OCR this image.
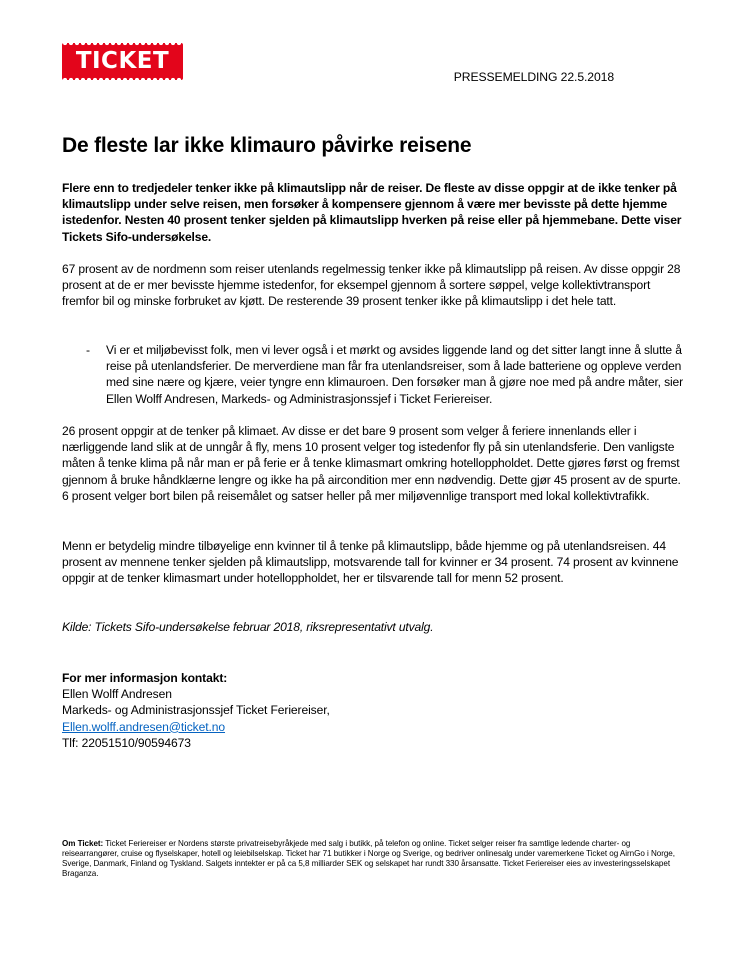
TICKET
PRESSEMELDING 22.5.2018
De fleste lar ikke klimauro påvirke reisene

Flere enn to tredjedeler tenker ikke på klimautslipp når de reiser. De fleste av disse oppgir at de ikke tenker på klimautslipp under selve reisen, men forsøker å kompensere gjennom å være mer bevisste på dette hjemme istedenfor. Nesten 40 prosent tenker sjelden på klimautslipp hverken på reise eller på hjemmebane. Dette viser Tickets Sifo-undersøkelse.

67 prosent av de nordmenn som reiser utenlands regelmessig tenker ikke på klimautslipp på reisen. Av disse oppgir 28 prosent at de er mer bevisste hjemme istedenfor, for eksempel gjennom å sortere søppel, velge kollektivtransport fremfor bil og minske forbruket av kjøtt. De resterende 39 prosent tenker ikke på klimautslipp i det hele tatt.

- Vi er et miljøbevisst folk, men vi lever også i et mørkt og avsides liggende land og det sitter langt inne å slutte å reise på utenlandsferier. De merverdiene man får fra utenlandsreiser, som å lade batteriene og oppleve verden med sine nære og kjære, veier tyngre enn klimauroen. Den forsøker man å gjøre noe med på andre måter, sier Ellen Wolff Andresen, Markeds- og Administrasjonssjef i Ticket Feriereiser.

26 prosent oppgir at de tenker på klimaet. Av disse er det bare 9 prosent som velger å feriere innenlands eller i nærliggende land slik at de unngår å fly, mens 10 prosent velger tog istedenfor fly på sin utenlandsferie. Den vanligste måten å tenke klima på når man er på ferie er å tenke klimasmart omkring hotelloppholdet. Dette gjøres først og fremst gjennom å bruke håndklærne lengre og ikke ha på aircondition mer enn nødvendig. Dette gjør 45 prosent av de spurte. 6 prosent velger bort bilen på reisemålet og satser heller på mer miljøvennlige transport med lokal kollektivtrafikk.

Menn er betydelig mindre tilbøyelige enn kvinner til å tenke på klimautslipp, både hjemme og på utenlandsreisen. 44 prosent av mennene tenker sjelden på klimautslipp, motsvarende tall for kvinner er 34 prosent. 74 prosent av kvinnene oppgir at de tenker klimasmart under hotelloppholdet, her er tilsvarende tall for menn 52 prosent.

Kilde: Tickets Sifo-undersøkelse februar 2018, riksrepresentativt utvalg.

For mer informasjon kontakt:
Ellen Wolff Andresen
Markeds- og Administrasjonssjef Ticket Feriereiser,
Ellen.wolff.andresen@ticket.no
Tlf: 22051510/90594673

Om Ticket: Ticket Feriereiser er Nordens største privatreisebyråkjede med salg i butikk, på telefon og online. Ticket selger reiser fra samtlige ledende charter- og reisearrangører, cruise og flyselskaper, hotell og leiebilselskap. Ticket har 71 butikker i Norge og Sverige, og bedriver onlinesalg under varemerkene Ticket og AirnGo i Norge, Sverige, Danmark, Finland og Tyskland. Salgets inntekter er på ca 5,8 milliarder SEK og selskapet har rundt 330 årsansatte. Ticket Feriereiser eies av investeringsselskapet Braganza.
